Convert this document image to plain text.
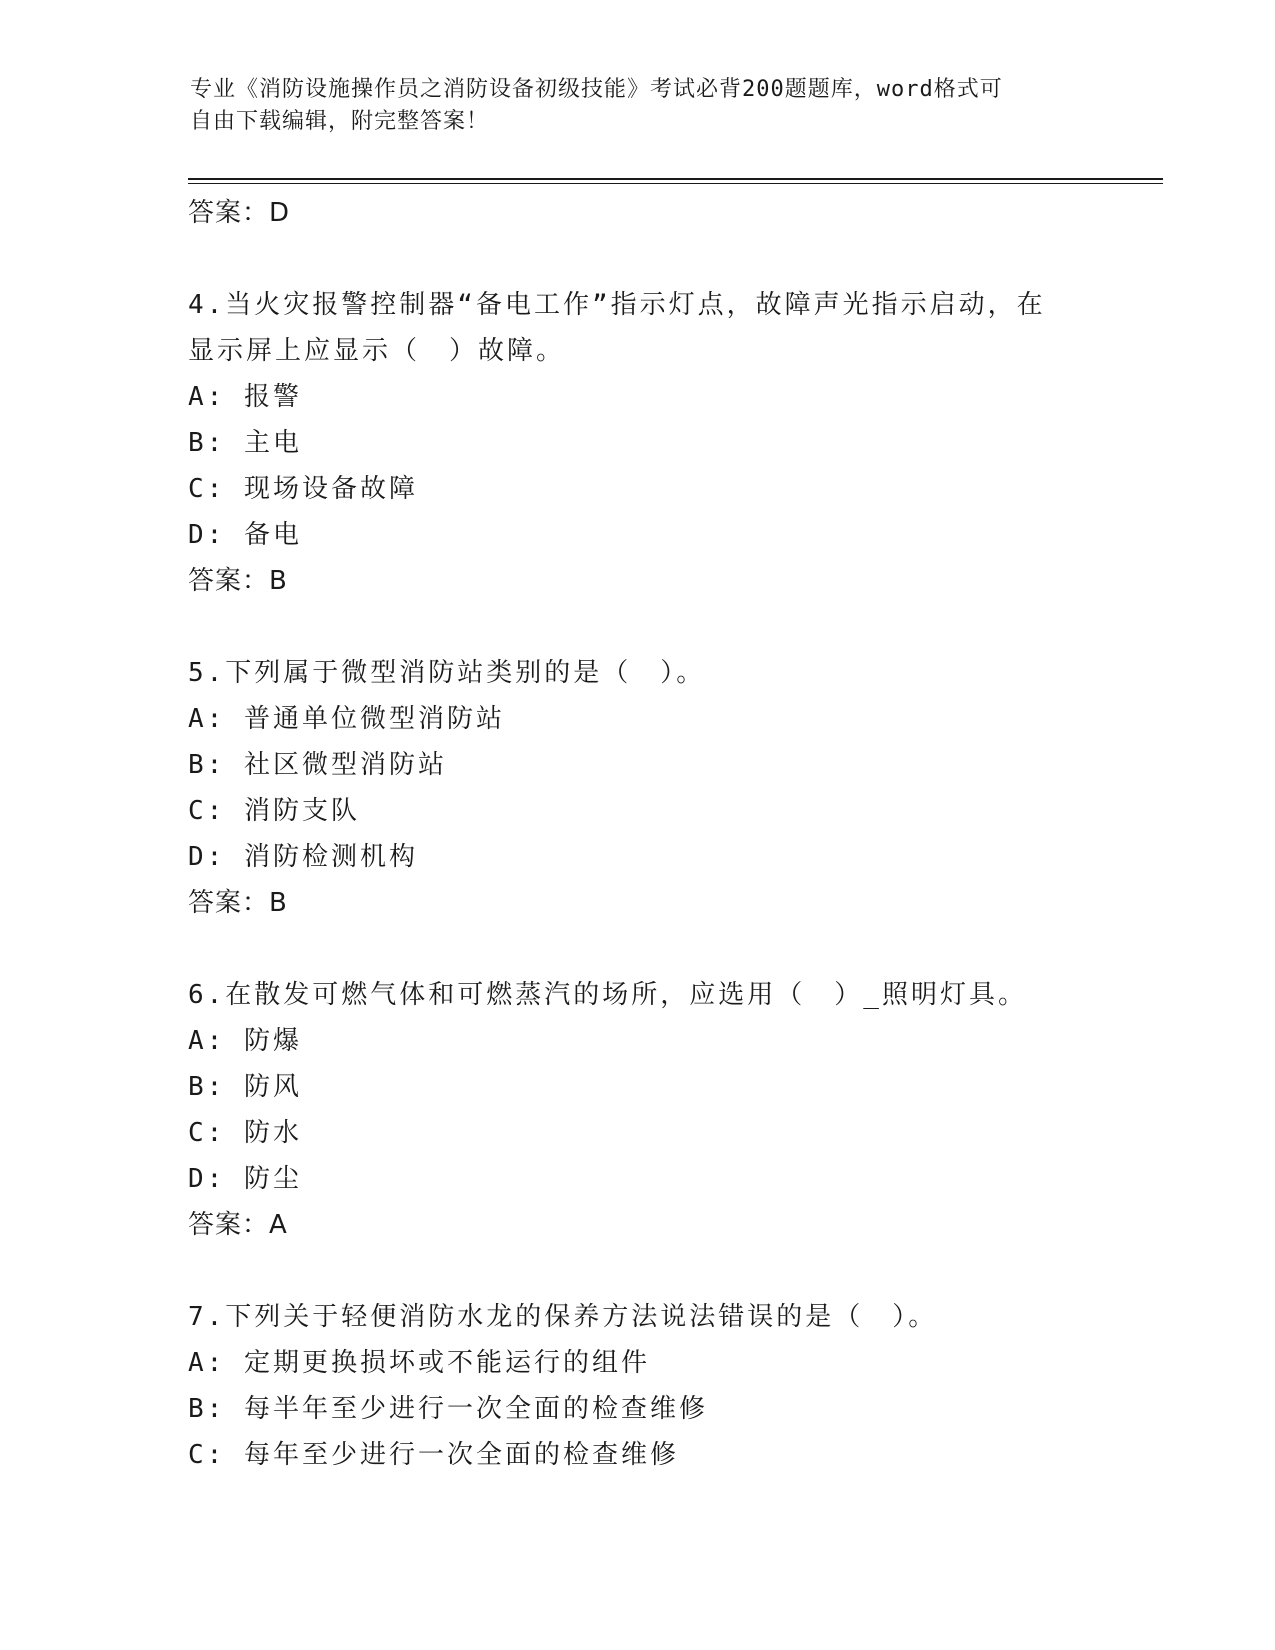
专业《消防设施操作员之消防设备初级技能》考试必背200题题库，word格式可
自由下载编辑，附完整答案！
答案：D
4.当火灾报警控制器“备电工作”指示灯点，故障声光指示启动，在
显示屏上应显示（　）故障。
A: 报警
B: 主电
C: 现场设备故障
D: 备电
答案：B
5.下列属于微型消防站类别的是（　）。
A: 普通单位微型消防站
B: 社区微型消防站
C: 消防支队
D: 消防检测机构
答案：B
6.在散发可燃气体和可燃蒸汽的场所，应选用（　）_照明灯具。
A: 防爆
B: 防风
C: 防水
D: 防尘
答案：A
7.下列关于轻便消防水龙的保养方法说法错误的是（　）。
A: 定期更换损坏或不能运行的组件
B: 每半年至少进行一次全面的检查维修
C: 每年至少进行一次全面的检查维修
